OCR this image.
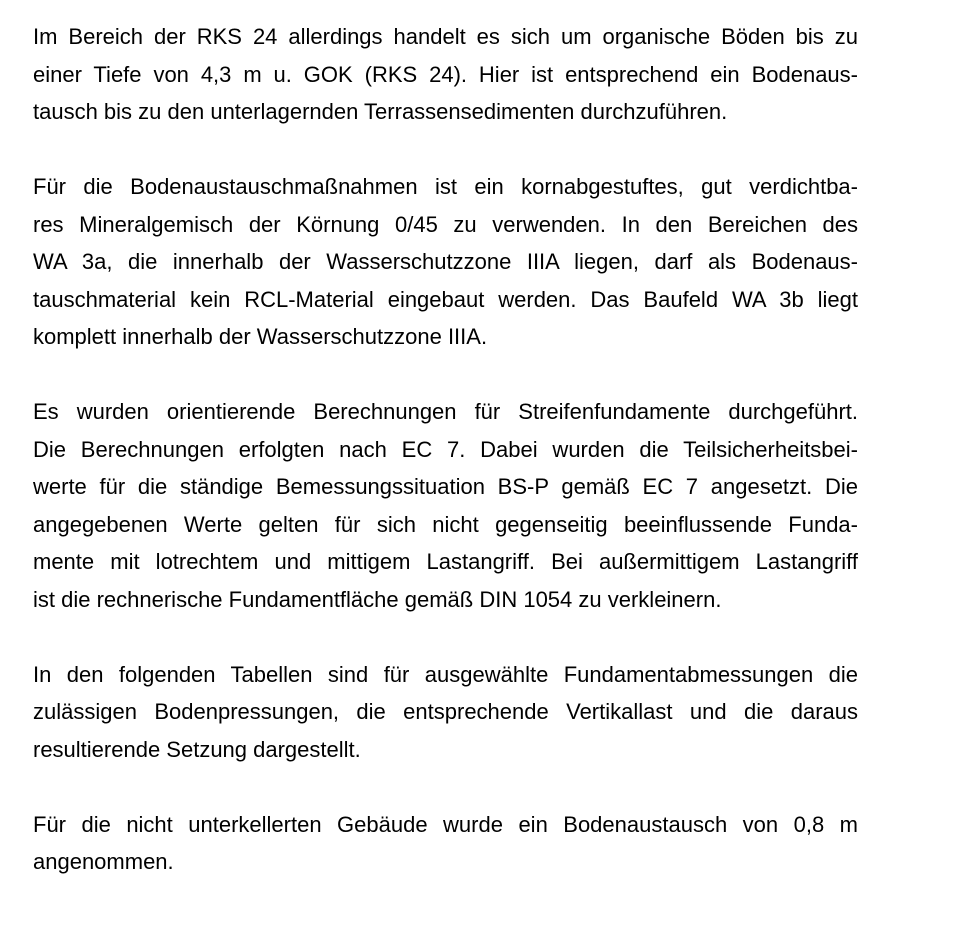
Im Bereich der RKS 24 allerdings handelt es sich um organische Böden bis zu
einer Tiefe von 4,3 m u. GOK (RKS 24). Hier ist entsprechend ein Bodenaus-
tausch bis zu den unterlagernden Terrassensedimenten durchzuführen.
Für die Bodenaustauschmaßnahmen ist ein kornabgestuftes, gut verdichtba-
res Mineralgemisch der Körnung 0/45 zu verwenden. In den Bereichen des
WA 3a, die innerhalb der Wasserschutzzone IIIA liegen, darf als Bodenaus-
tauschmaterial kein RCL-Material eingebaut werden. Das Baufeld WA 3b liegt
komplett innerhalb der Wasserschutzzone IIIA.
Es wurden orientierende Berechnungen für Streifenfundamente durchgeführt.
Die Berechnungen erfolgten nach EC 7. Dabei wurden die Teilsicherheitsbei-
werte für die ständige Bemessungssituation BS-P gemäß EC 7 angesetzt. Die
angegebenen Werte gelten für sich nicht gegenseitig beeinflussende Funda-
mente mit lotrechtem und mittigem Lastangriff. Bei außermittigem Lastangriff
ist die rechnerische Fundamentfläche gemäß DIN 1054 zu verkleinern.
In den folgenden Tabellen sind für ausgewählte Fundamentabmessungen die
zulässigen Bodenpressungen, die entsprechende Vertikallast und die daraus
resultierende Setzung dargestellt.
Für die nicht unterkellerten Gebäude wurde ein Bodenaustausch von 0,8 m
angenommen.
